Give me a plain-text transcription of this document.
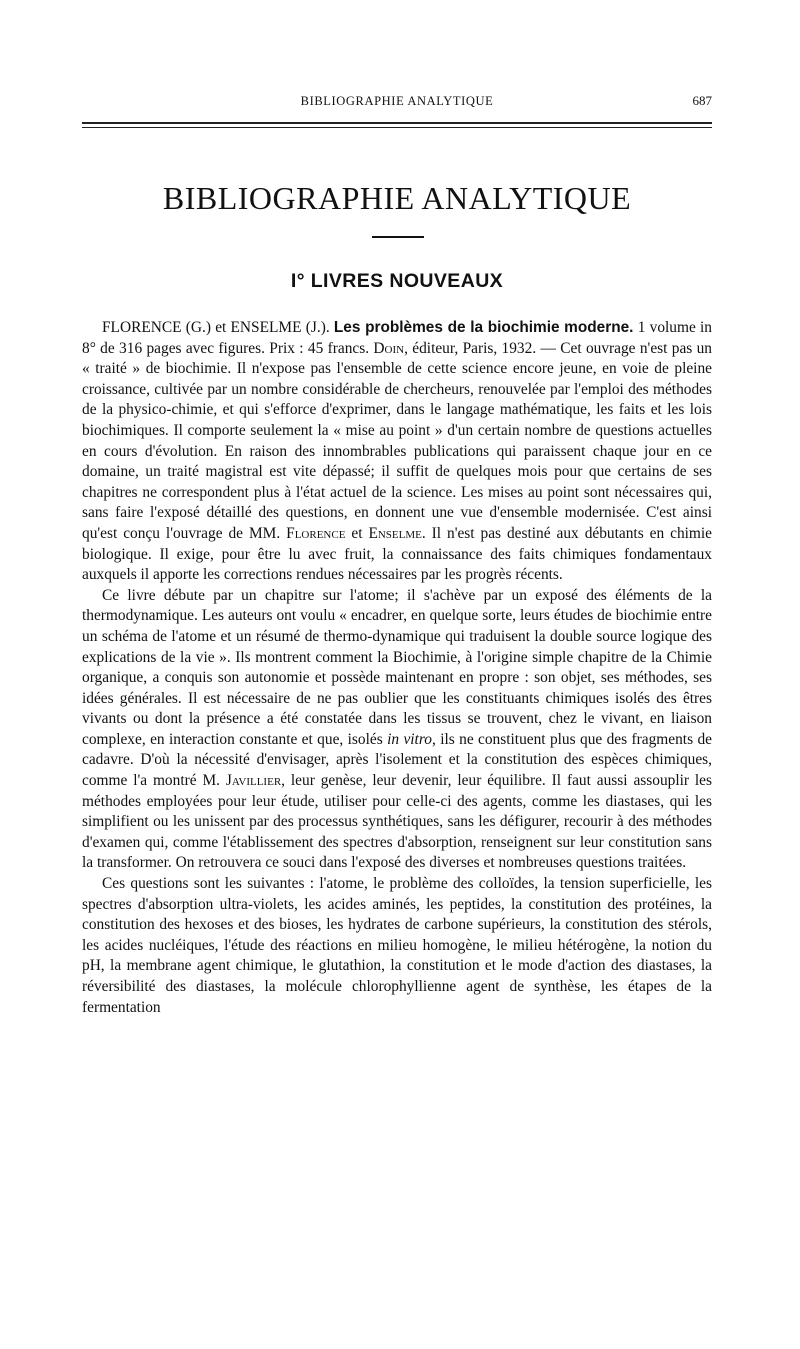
BIBLIOGRAPHIE ANALYTIQUE	687
BIBLIOGRAPHIE ANALYTIQUE
I° LIVRES NOUVEAUX

FLORENCE (G.) et ENSELME (J.). Les problèmes de la biochimie moderne. 1 volume in 8° de 316 pages avec figures. Prix : 45 francs. Doin, éditeur, Paris, 1932. — Cet ouvrage n'est pas un « traité » de biochimie. Il n'expose pas l'ensemble de cette science encore jeune, en voie de pleine croissance, cultivée par un nombre considérable de chercheurs, renouvelée par l'emploi des méthodes de la physico-chimie, et qui s'efforce d'exprimer, dans le langage mathématique, les faits et les lois biochimiques. Il comporte seulement la « mise au point » d'un certain nombre de questions actuelles en cours d'évolution. En raison des innombrables publications qui paraissent chaque jour en ce domaine, un traité magistral est vite dépassé; il suffit de quelques mois pour que certains de ses chapitres ne correspondent plus à l'état actuel de la science. Les mises au point sont nécessaires qui, sans faire l'exposé détaillé des questions, en donnent une vue d'ensemble modernisée. C'est ainsi qu'est conçu l'ouvrage de MM. Florence et Enselme. Il n'est pas destiné aux débutants en chimie biologique. Il exige, pour être lu avec fruit, la connaissance des faits chimiques fondamentaux auxquels il apporte les corrections rendues nécessaires par les progrès récents.

Ce livre débute par un chapitre sur l'atome; il s'achève par un exposé des éléments de la thermodynamique. Les auteurs ont voulu « encadrer, en quelque sorte, leurs études de biochimie entre un schéma de l'atome et un résumé de thermo-dynamique qui traduisent la double source logique des explications de la vie ». Ils montrent comment la Biochimie, à l'origine simple chapitre de la Chimie organique, a conquis son autonomie et possède maintenant en propre : son objet, ses méthodes, ses idées générales. Il est nécessaire de ne pas oublier que les constituants chimiques isolés des êtres vivants ou dont la présence a été constatée dans les tissus se trouvent, chez le vivant, en liaison complexe, en interaction constante et que, isolés in vitro, ils ne constituent plus que des fragments de cadavre. D'où la nécessité d'envisager, après l'isolement et la constitution des espèces chimiques, comme l'a montré M. Javillier, leur genèse, leur devenir, leur équilibre. Il faut aussi assouplir les méthodes employées pour leur étude, utiliser pour celle-ci des agents, comme les diastases, qui les simplifient ou les unissent par des processus synthétiques, sans les défigurer, recourir à des méthodes d'examen qui, comme l'établissement des spectres d'absorption, renseignent sur leur constitution sans la transformer. On retrouvera ce souci dans l'exposé des diverses et nombreuses questions traitées.

Ces questions sont les suivantes : l'atome, le problème des colloïdes, la tension superficielle, les spectres d'absorption ultra-violets, les acides aminés, les peptides, la constitution des protéines, la constitution des hexoses et des bioses, les hydrates de carbone supérieurs, la constitution des stérols, les acides nucléiques, l'étude des réactions en milieu homogène, le milieu hétérogène, la notion du pH, la membrane agent chimique, le glutathion, la constitution et le mode d'action des diastases, la réversibilité des diastases, la molécule chlorophyllienne agent de synthèse, les étapes de la fermentation
